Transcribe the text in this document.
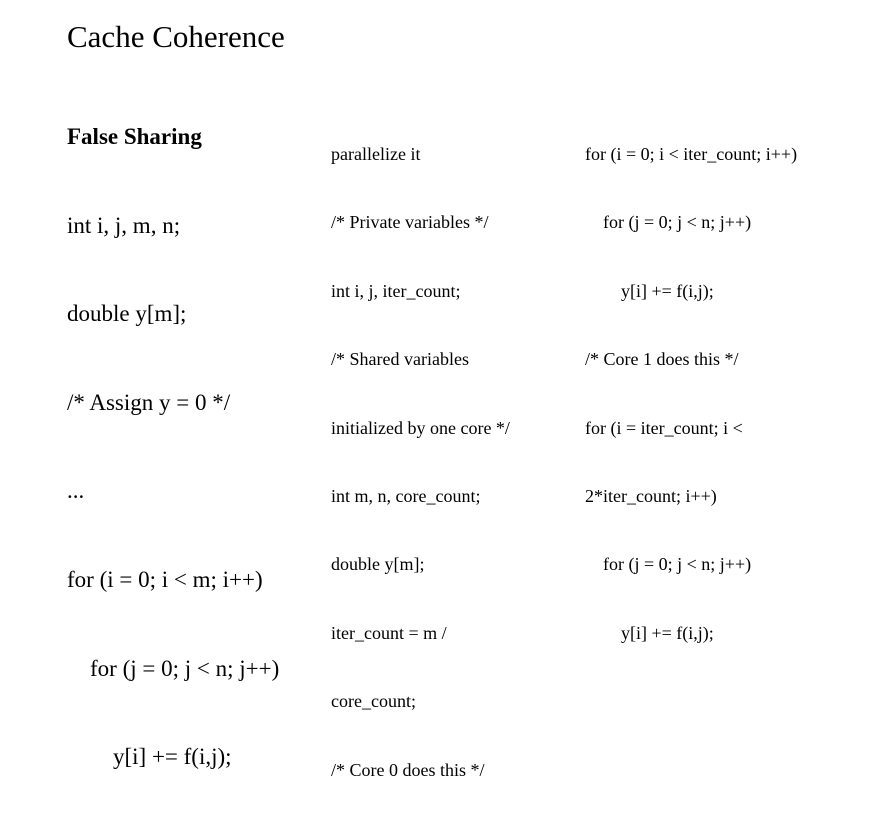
Cache Coherence

False Sharing

int i, j, m, n;

double y[m];

/* Assign y = 0 */

...

for (i = 0; i < m; i++)

for (j = 0; j < n; j++)

y[i] += f(i,j);

parallelize it

/* Private variables */

int i, j, iter_count;

/* Shared variables

initialized by one core */

int m, n, core_count;

double y[m];

iter_count = m /

core_count;

/* Core 0 does this */

for (i = 0; i < iter_count; i++)

for (j = 0; j < n; j++)

y[i] += f(i,j);

/* Core 1 does this */

for (i = iter_count; i <

2*iter_count; i++)

for (j = 0; j < n; j++)

y[i] += f(i,j);
